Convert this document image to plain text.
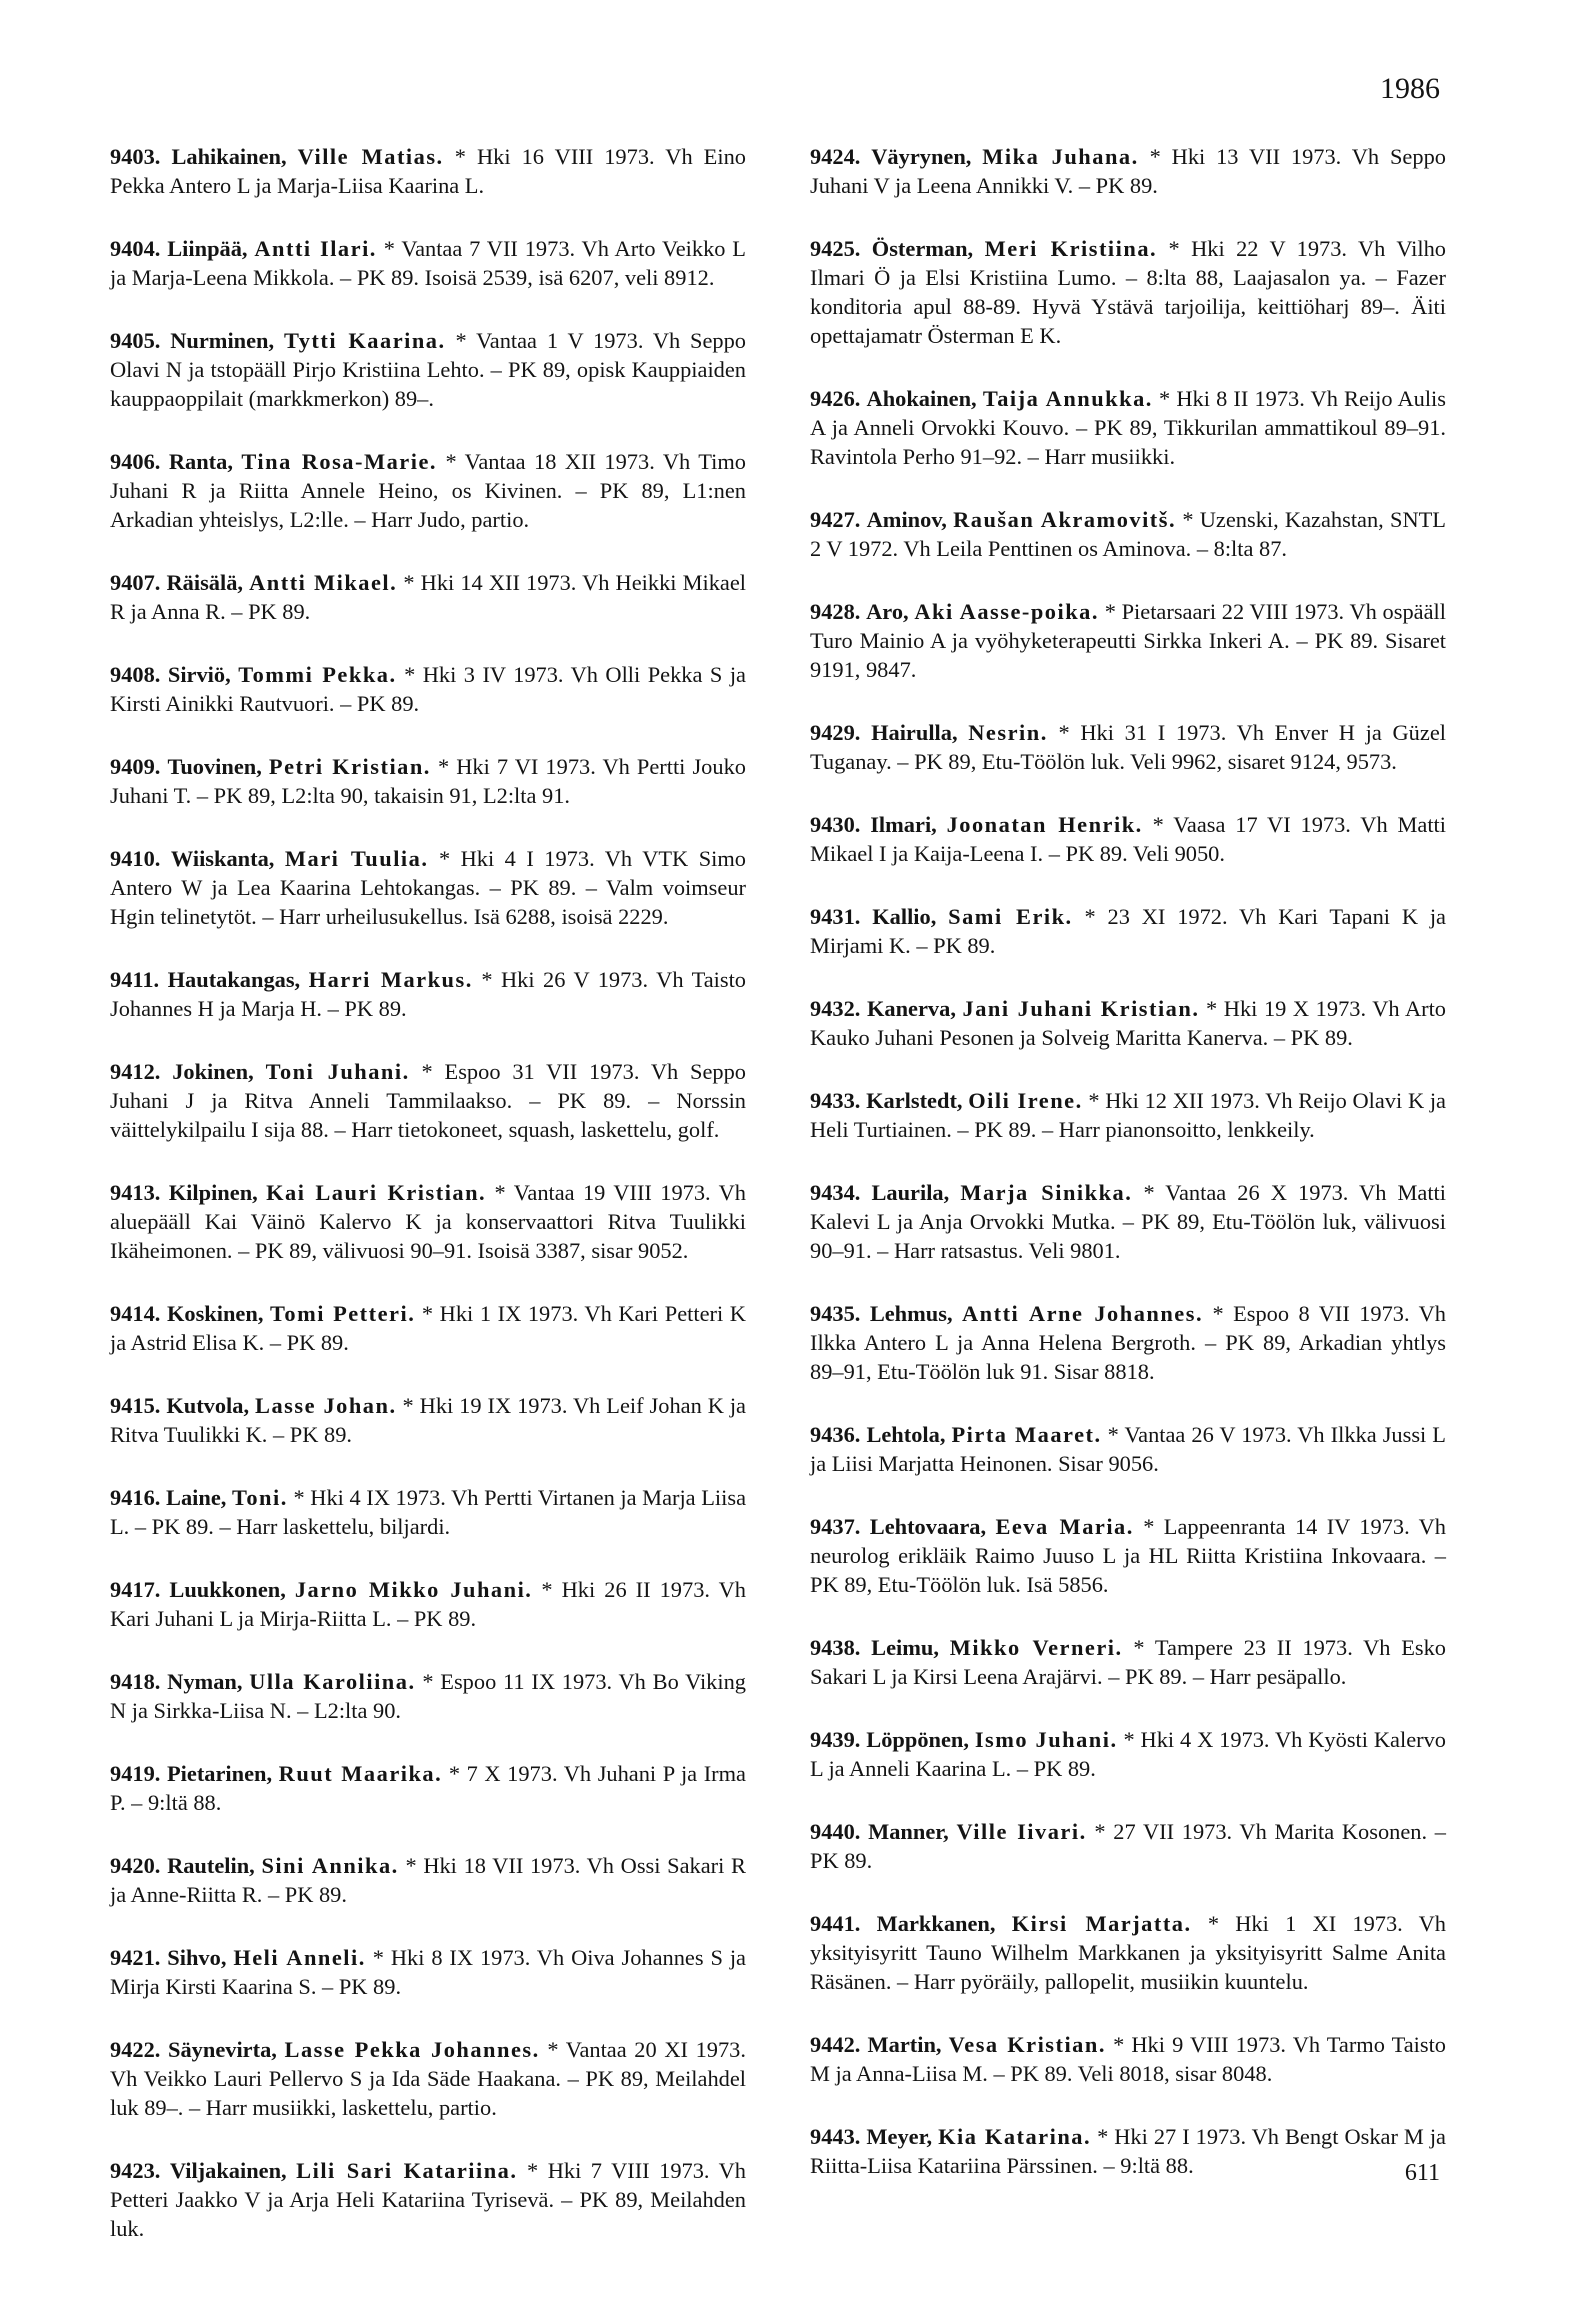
1986

9403. Lahikainen, Ville Matias. * Hki 16 VIII 1973. Vh Eino Pekka Antero L ja Marja-Liisa Kaarina L.

9404. Liinpää, Antti Ilari. * Vantaa 7 VII 1973. Vh Arto Veikko L ja Marja-Leena Mikkola. – PK 89. Isoisä 2539, isä 6207, veli 8912.

9405. Nurminen, Tytti Kaarina. * Vantaa 1 V 1973. Vh Seppo Olavi N ja tstopääll Pirjo Kristiina Lehto. – PK 89, opisk Kauppiaiden kauppaoppilait (markkmerkon) 89–.

9406. Ranta, Tina Rosa-Marie. * Vantaa 18 XII 1973. Vh Timo Juhani R ja Riitta Annele Heino, os Kivinen. – PK 89, L1:nen Arkadian yhteislys, L2:lle. – Harr Judo, partio.

9407. Räisälä, Antti Mikael. * Hki 14 XII 1973. Vh Heikki Mikael R ja Anna R. – PK 89.

9408. Sirviö, Tommi Pekka. * Hki 3 IV 1973. Vh Olli Pekka S ja Kirsti Ainikki Rautvuori. – PK 89.

9409. Tuovinen, Petri Kristian. * Hki 7 VI 1973. Vh Pertti Jouko Juhani T. – PK 89, L2:lta 90, takaisin 91, L2:lta 91.

9410. Wiiskanta, Mari Tuulia. * Hki 4 I 1973. Vh VTK Simo Antero W ja Lea Kaarina Lehtokangas. – PK 89. – Valm voimseur Hgin telinetytöt. – Harr urheilusukellus. Isä 6288, isoisä 2229.

9411. Hautakangas, Harri Markus. * Hki 26 V 1973. Vh Taisto Johannes H ja Marja H. – PK 89.

9412. Jokinen, Toni Juhani. * Espoo 31 VII 1973. Vh Seppo Juhani J ja Ritva Anneli Tammilaakso. – PK 89. – Norssin väittelykilpailu I sija 88. – Harr tietokoneet, squash, laskettelu, golf.

9413. Kilpinen, Kai Lauri Kristian. * Vantaa 19 VIII 1973. Vh aluepääll Kai Väinö Kalervo K ja konservaattori Ritva Tuulikki Ikäheimonen. – PK 89, välivuosi 90–91. Isoisä 3387, sisar 9052.

9414. Koskinen, Tomi Petteri. * Hki 1 IX 1973. Vh Kari Petteri K ja Astrid Elisa K. – PK 89.

9415. Kutvola, Lasse Johan. * Hki 19 IX 1973. Vh Leif Johan K ja Ritva Tuulikki K. – PK 89.

9416. Laine, Toni. * Hki 4 IX 1973. Vh Pertti Virtanen ja Marja Liisa L. – PK 89. – Harr laskettelu, biljardi.

9417. Luukkonen, Jarno Mikko Juhani. * Hki 26 II 1973. Vh Kari Juhani L ja Mirja-Riitta L. – PK 89.

9418. Nyman, Ulla Karoliina. * Espoo 11 IX 1973. Vh Bo Viking N ja Sirkka-Liisa N. – L2:lta 90.

9419. Pietarinen, Ruut Maarika. * 7 X 1973. Vh Juhani P ja Irma P. – 9:ltä 88.

9420. Rautelin, Sini Annika. * Hki 18 VII 1973. Vh Ossi Sakari R ja Anne-Riitta R. – PK 89.

9421. Sihvo, Heli Anneli. * Hki 8 IX 1973. Vh Oiva Johannes S ja Mirja Kirsti Kaarina S. – PK 89.

9422. Säynevirta, Lasse Pekka Johannes. * Vantaa 20 XI 1973. Vh Veikko Lauri Pellervo S ja Ida Säde Haakana. – PK 89, Meilahdel luk 89–. – Harr musiikki, laskettelu, partio.

9423. Viljakainen, Lili Sari Katariina. * Hki 7 VIII 1973. Vh Petteri Jaakko V ja Arja Heli Katariina Tyrisevä. – PK 89, Meilahden luk.

9424. Väyrynen, Mika Juhana. * Hki 13 VII 1973. Vh Seppo Juhani V ja Leena Annikki V. – PK 89.

9425. Österman, Meri Kristiina. * Hki 22 V 1973. Vh Vilho Ilmari Ö ja Elsi Kristiina Lumo. – 8:lta 88, Laajasalon ya. – Fazer konditoria apul 88-89. Hyvä Ystävä tarjoilija, keittiöharj 89–. Äiti opettajamatr Österman E K.

9426. Ahokainen, Taija Annukka. * Hki 8 II 1973. Vh Reijo Aulis A ja Anneli Orvokki Kouvo. – PK 89, Tikkurilan ammattikoul 89–91. Ravintola Perho 91–92. – Harr musiikki.

9427. Aminov, Raušan Akramovitš. * Uzenski, Kazahstan, SNTL 2 V 1972. Vh Leila Penttinen os Aminova. – 8:lta 87.

9428. Aro, Aki Aasse-poika. * Pietarsaari 22 VIII 1973. Vh ospääll Turo Mainio A ja vyöhyketerapeutti Sirkka Inkeri A. – PK 89. Sisaret 9191, 9847.

9429. Hairulla, Nesrin. * Hki 31 I 1973. Vh Enver H ja Güzel Tuganay. – PK 89, Etu-Töölön luk. Veli 9962, sisaret 9124, 9573.

9430. Ilmari, Joonatan Henrik. * Vaasa 17 VI 1973. Vh Matti Mikael I ja Kaija-Leena I. – PK 89. Veli 9050.

9431. Kallio, Sami Erik. * 23 XI 1972. Vh Kari Tapani K ja Mirjami K. – PK 89.

9432. Kanerva, Jani Juhani Kristian. * Hki 19 X 1973. Vh Arto Kauko Juhani Pesonen ja Solveig Maritta Kanerva. – PK 89.

9433. Karlstedt, Oili Irene. * Hki 12 XII 1973. Vh Reijo Olavi K ja Heli Turtiainen. – PK 89. – Harr pianonsoitto, lenkkeily.

9434. Laurila, Marja Sinikka. * Vantaa 26 X 1973. Vh Matti Kalevi L ja Anja Orvokki Mutka. – PK 89, Etu-Töölön luk, välivuosi 90–91. – Harr ratsastus. Veli 9801.

9435. Lehmus, Antti Arne Johannes. * Espoo 8 VII 1973. Vh Ilkka Antero L ja Anna Helena Bergroth. – PK 89, Arkadian yhtlys 89–91, Etu-Töölön luk 91. Sisar 8818.

9436. Lehtola, Pirta Maaret. * Vantaa 26 V 1973. Vh Ilkka Jussi L ja Liisi Marjatta Heinonen. Sisar 9056.

9437. Lehtovaara, Eeva Maria. * Lappeenranta 14 IV 1973. Vh neurolog erikläik Raimo Juuso L ja HL Riitta Kristiina Inkovaara. – PK 89, Etu-Töölön luk. Isä 5856.

9438. Leimu, Mikko Verneri. * Tampere 23 II 1973. Vh Esko Sakari L ja Kirsi Leena Arajärvi. – PK 89. – Harr pesäpallo.

9439. Löppönen, Ismo Juhani. * Hki 4 X 1973. Vh Kyösti Kalervo L ja Anneli Kaarina L. – PK 89.

9440. Manner, Ville Iivari. * 27 VII 1973. Vh Marita Kosonen. – PK 89.

9441. Markkanen, Kirsi Marjatta. * Hki 1 XI 1973. Vh yksityisyritt Tauno Wilhelm Markkanen ja yksityisyritt Salme Anita Räsänen. – Harr pyöräily, pallopelit, musiikin kuuntelu.

9442. Martin, Vesa Kristian. * Hki 9 VIII 1973. Vh Tarmo Taisto M ja Anna-Liisa M. – PK 89. Veli 8018, sisar 8048.

9443. Meyer, Kia Katarina. * Hki 27 I 1973. Vh Bengt Oskar M ja Riitta-Liisa Katariina Pärssinen. – 9:ltä 88.	611
